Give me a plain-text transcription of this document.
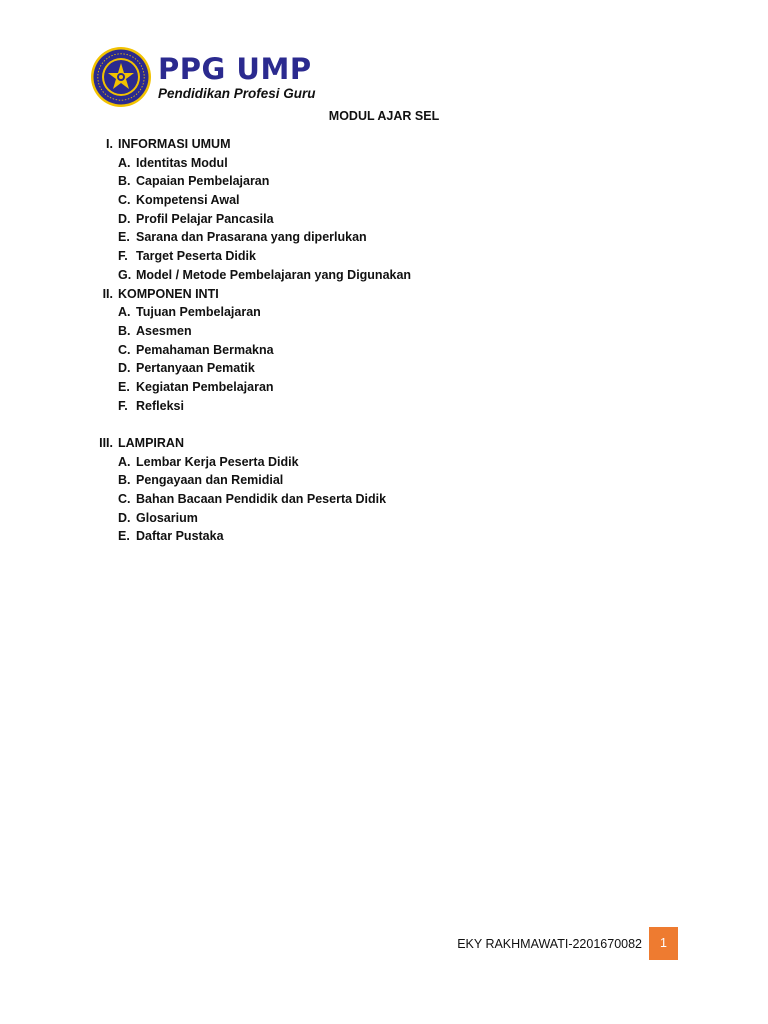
PPG UMP
Pendidikan Profesi Guru
MODUL AJAR SEL
I. INFORMASI UMUM
A. Identitas Modul
B. Capaian Pembelajaran
C. Kompetensi Awal
D. Profil Pelajar Pancasila
E. Sarana dan Prasarana yang diperlukan
F. Target Peserta Didik
G. Model / Metode Pembelajaran yang Digunakan
II. KOMPONEN INTI
A. Tujuan Pembelajaran
B. Asesmen
C. Pemahaman Bermakna
D. Pertanyaan Pematik
E. Kegiatan Pembelajaran
F. Refleksi
III. LAMPIRAN
A. Lembar Kerja Peserta Didik
B. Pengayaan dan Remidial
C. Bahan Bacaan Pendidik dan Peserta Didik
D. Glosarium
E. Daftar Pustaka
EKY RAKHMAWATI-2201670082	1
